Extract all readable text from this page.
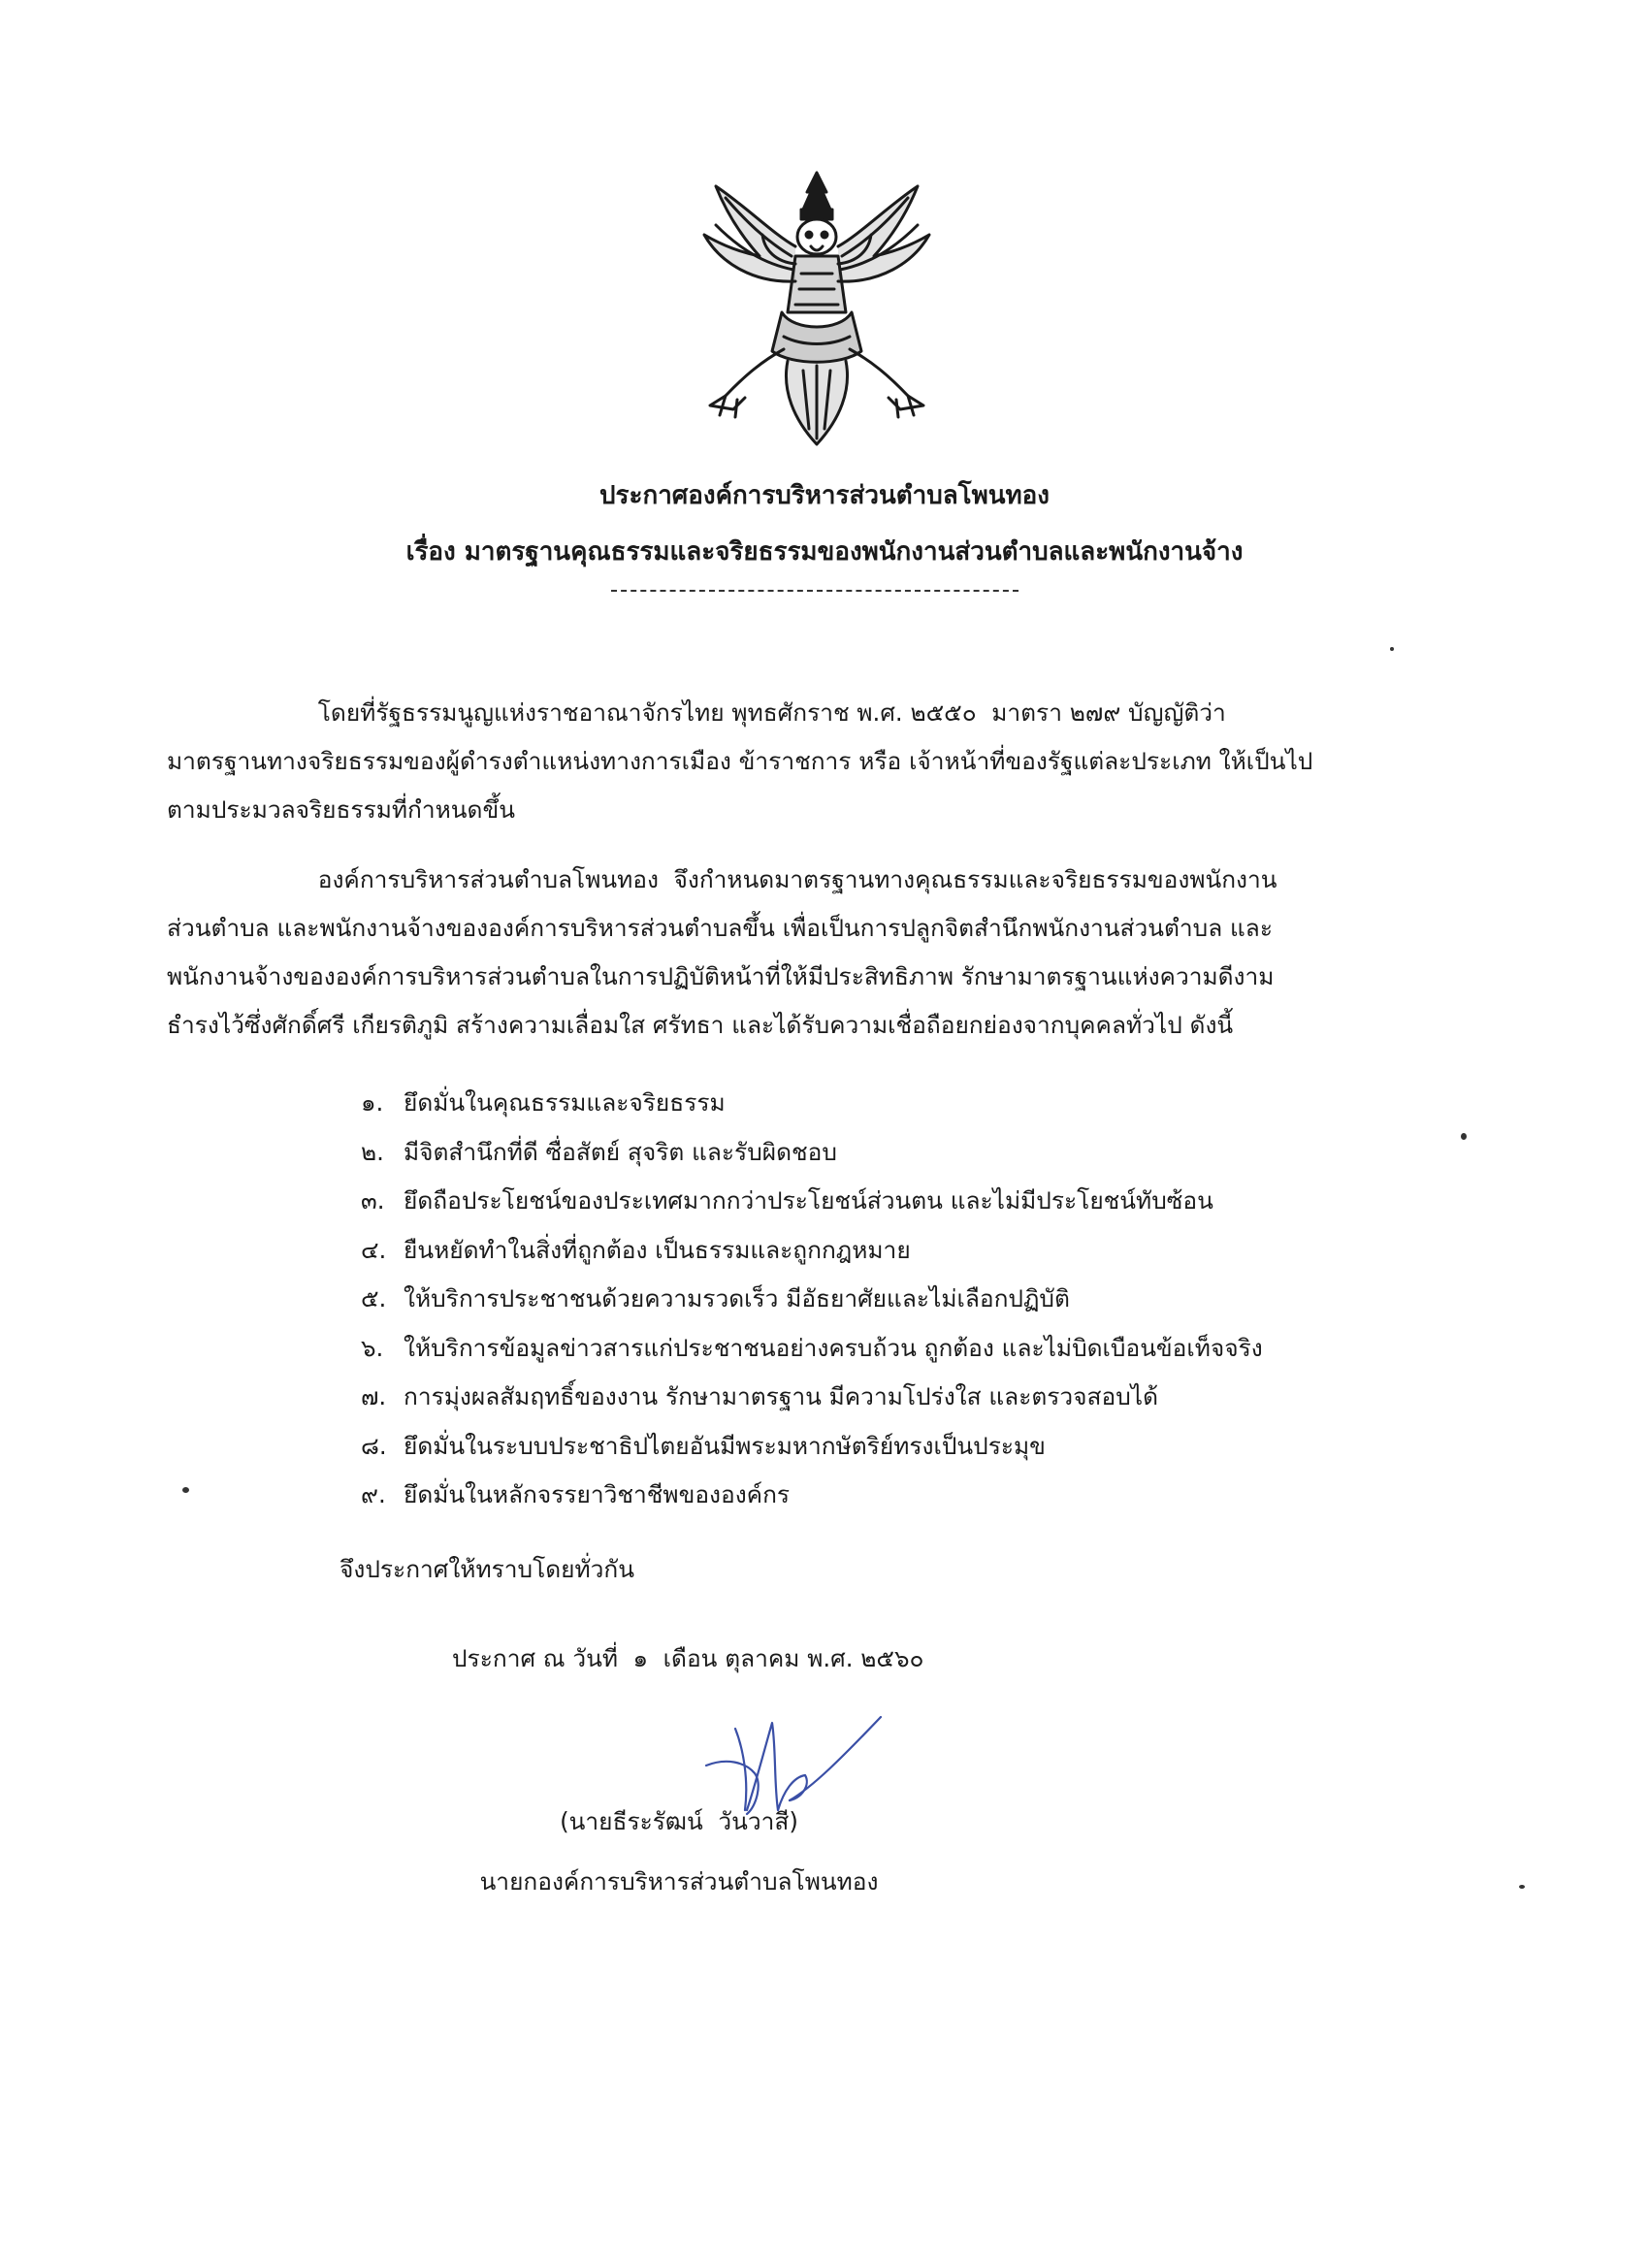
ประกาศองค์การบริหารส่วนตำบลโพนทอง
เรื่อง มาตรฐานคุณธรรมและจริยธรรมของพนักงานส่วนตำบลและพนักงานจ้าง
โดยที่รัฐธรรมนูญแห่งราชอาณาจักรไทย พุทธศักราช พ.ศ. ๒๕๕๐  มาตรา ๒๗๙ บัญญัติว่า
มาตรฐานทางจริยธรรมของผู้ดำรงตำแหน่งทางการเมือง ข้าราชการ หรือ เจ้าหน้าที่ของรัฐแต่ละประเภท ให้เป็นไป
ตามประมวลจริยธรรมที่กำหนดขึ้น
องค์การบริหารส่วนตำบลโพนทอง  จึงกำหนดมาตรฐานทางคุณธรรมและจริยธรรมของพนักงาน
ส่วนตำบล และพนักงานจ้างขององค์การบริหารส่วนตำบลขึ้น เพื่อเป็นการปลูกจิตสำนึกพนักงานส่วนตำบล และ
พนักงานจ้างขององค์การบริหารส่วนตำบลในการปฏิบัติหน้าที่ให้มีประสิทธิภาพ รักษามาตรฐานแห่งความดีงาม
ธำรงไว้ซึ่งศักดิ์ศรี เกียรติภูมิ สร้างความเลื่อมใส ศรัทธา และได้รับความเชื่อถือยกย่องจากบุคคลทั่วไป ดังนี้
๑. ยึดมั่นในคุณธรรมและจริยธรรม
๒. มีจิตสำนึกที่ดี ซื่อสัตย์ สุจริต และรับผิดชอบ
๓. ยึดถือประโยชน์ของประเทศมากกว่าประโยชน์ส่วนตน และไม่มีประโยชน์ทับซ้อน
๔. ยืนหยัดทำในสิ่งที่ถูกต้อง เป็นธรรมและถูกกฎหมาย
๕. ให้บริการประชาชนด้วยความรวดเร็ว มีอัธยาศัยและไม่เลือกปฏิบัติ
๖. ให้บริการข้อมูลข่าวสารแก่ประชาชนอย่างครบถ้วน ถูกต้อง และไม่บิดเบือนข้อเท็จจริง
๗. การมุ่งผลสัมฤทธิ์ของงาน รักษามาตรฐาน มีความโปร่งใส และตรวจสอบได้
๘. ยึดมั่นในระบบประชาธิปไตยอันมีพระมหากษัตริย์ทรงเป็นประมุข
๙. ยึดมั่นในหลักจรรยาวิชาชีพขององค์กร
จึงประกาศให้ทราบโดยทั่วกัน
ประกาศ ณ วันที่  ๑  เดือน ตุลาคม พ.ศ. ๒๕๖๐
(นายธีระรัฒน์  วันวาสี)
นายกองค์การบริหารส่วนตำบลโพนทอง
